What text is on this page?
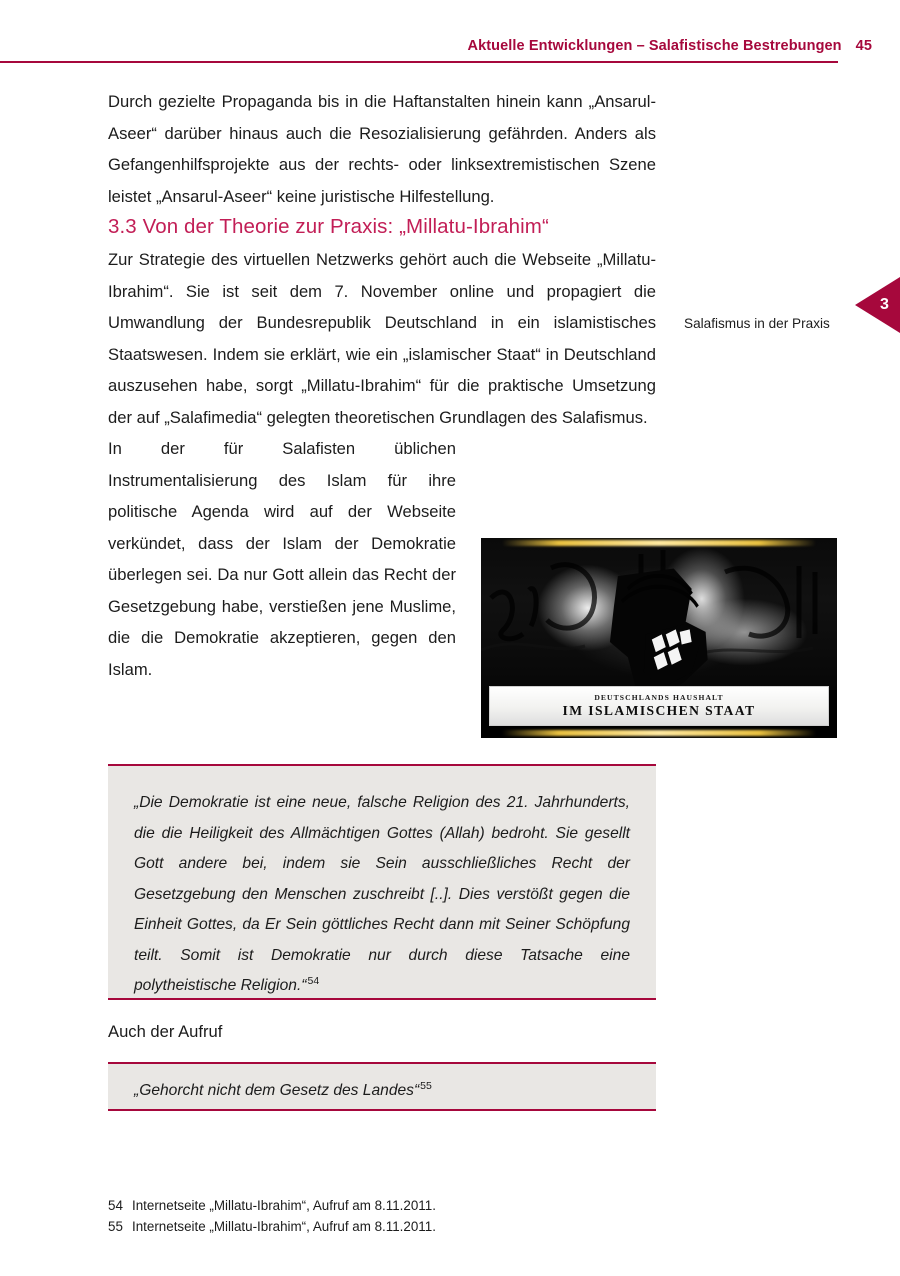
Aktuelle Entwicklungen – Salafistische Bestrebungen 45
Salafismus in der Praxis
3

Durch gezielte Propaganda bis in die Haftanstalten hinein kann „Ansarul-Aseer“ darüber hinaus auch die Resozialisierung gefährden. Anders als Gefangenhilfsprojekte aus der rechts- oder linksextremistischen Szene leistet „Ansarul-Aseer“ keine juristische Hilfestellung.

3.3 Von der Theorie zur Praxis: „Millatu-Ibrahim“

Zur Strategie des virtuellen Netzwerks gehört auch die Webseite „Millatu-Ibrahim“. Sie ist seit dem 7. November online und propagiert die Umwandlung der Bundesrepublik Deutschland in ein islamistisches Staatswesen. Indem sie erklärt, wie ein „islamischer Staat“ in Deutschland auszusehen habe, sorgt „Millatu-Ibrahim“ für die praktische Umsetzung der auf „Salafimedia“ gelegten theoretischen Grundlagen des Salafismus.

In der für Salafisten üblichen Instrumentalisierung des Islam für ihre politische Agenda wird auf der Webseite verkündet, dass der Islam der Demokratie überlegen sei. Da nur Gott allein das Recht der Gesetzgebung habe, verstießen jene Muslime, die die Demokratie akzeptieren, gegen den Islam.

DEUTSCHLANDS HAUSHALT
IM ISLAMISCHEN STAAT

„Die Demokratie ist eine neue, falsche Religion des 21. Jahrhunderts, die die Heiligkeit des Allmächtigen Gottes (Allah) bedroht. Sie gesellt Gott andere bei, indem sie Sein ausschließliches Recht der Gesetzgebung den Menschen zuschreibt [..]. Dies verstößt gegen die Einheit Gottes, da Er Sein göttliches Recht dann mit Seiner Schöpfung teilt. Somit ist Demokratie nur durch diese Tatsache eine polytheistische Religion.“$^{54}$

Auch der Aufruf

„Gehorcht nicht dem Gesetz des Landes“$^{55}$

54 Internetseite „Millatu-Ibrahim“, Aufruf am 8.11.2011.
55 Internetseite „Millatu-Ibrahim“, Aufruf am 8.11.2011.
